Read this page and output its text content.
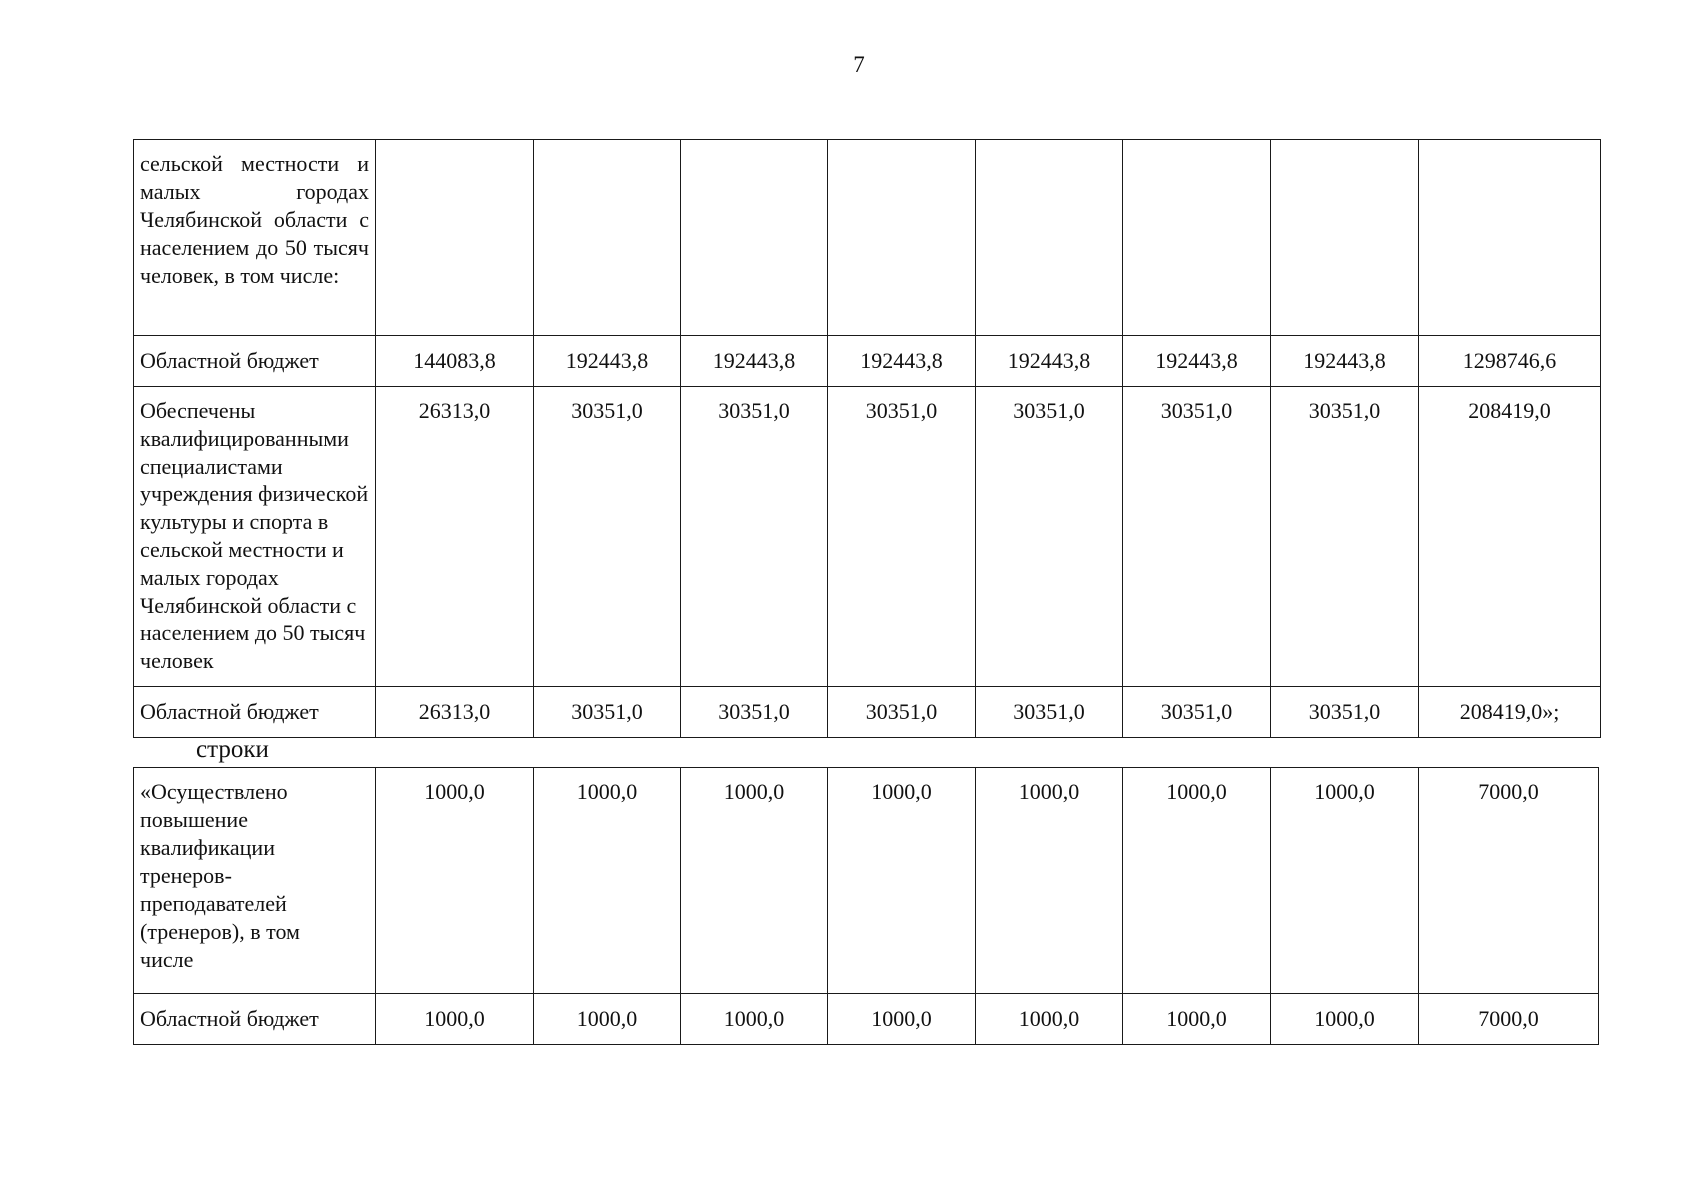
7
сельской местности и малых городах Челябинской области с населением до 50 тысяч человек, в том числе:								
Областной бюджет	144083,8	192443,8	192443,8	192443,8	192443,8	192443,8	192443,8	1298746,6
Обеспечены квалифицированными специалистами учреждения физической культуры и спорта в сельской местности и малых городах Челябинской области с населением до 50 тысяч человек	26313,0	30351,0	30351,0	30351,0	30351,0	30351,0	30351,0	208419,0
Областной бюджет	26313,0	30351,0	30351,0	30351,0	30351,0	30351,0	30351,0	208419,0»;
строки
«Осуществлено повышение квалификации тренеров-преподавателей (тренеров), в том числе	1000,0	1000,0	1000,0	1000,0	1000,0	1000,0	1000,0	7000,0
Областной бюджет	1000,0	1000,0	1000,0	1000,0	1000,0	1000,0	1000,0	7000,0
